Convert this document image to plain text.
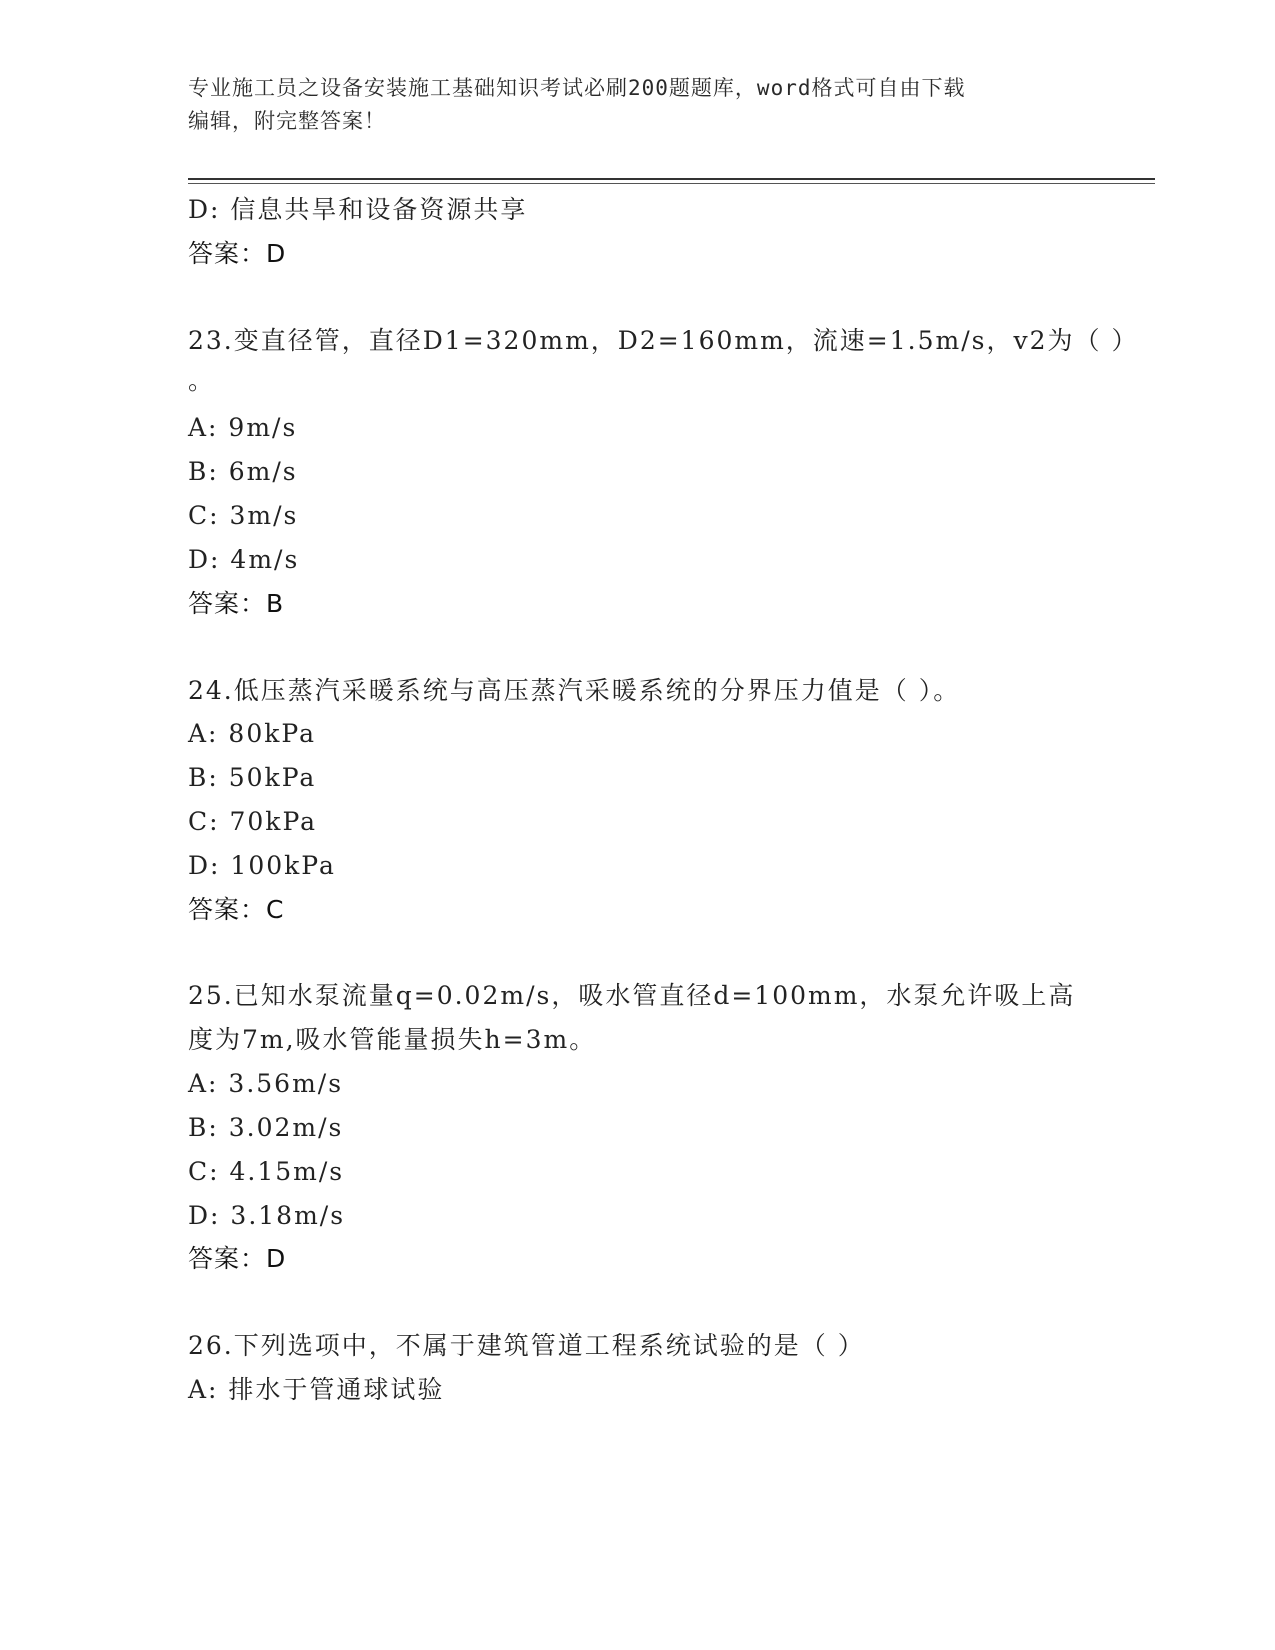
专业施工员之设备安装施工基础知识考试必刷200题题库，word格式可自由下载
编辑，附完整答案！
D: 信息共旱和设备资源共享
答案：D
23.变直径管，直径D1=320mm，D2=160mm，流速=1.5m/s，v2为（ ）
。
A: 9m/s
B: 6m/s
C: 3m/s
D: 4m/s
答案：B
24.低压蒸汽采暖系统与高压蒸汽采暖系统的分界压力值是（ ）。
A: 80kPa
B: 50kPa
C: 70kPa
D: 100kPa
答案：C
25.已知水泵流量q=0.02m/s，吸水管直径d=100mm，水泵允许吸上高
度为7m,吸水管能量损失h=3m。
A: 3.56m/s
B: 3.02m/s
C: 4.15m/s
D: 3.18m/s
答案：D
26.下列选项中，不属于建筑管道工程系统试验的是（ ）
A: 排水于管通球试验
